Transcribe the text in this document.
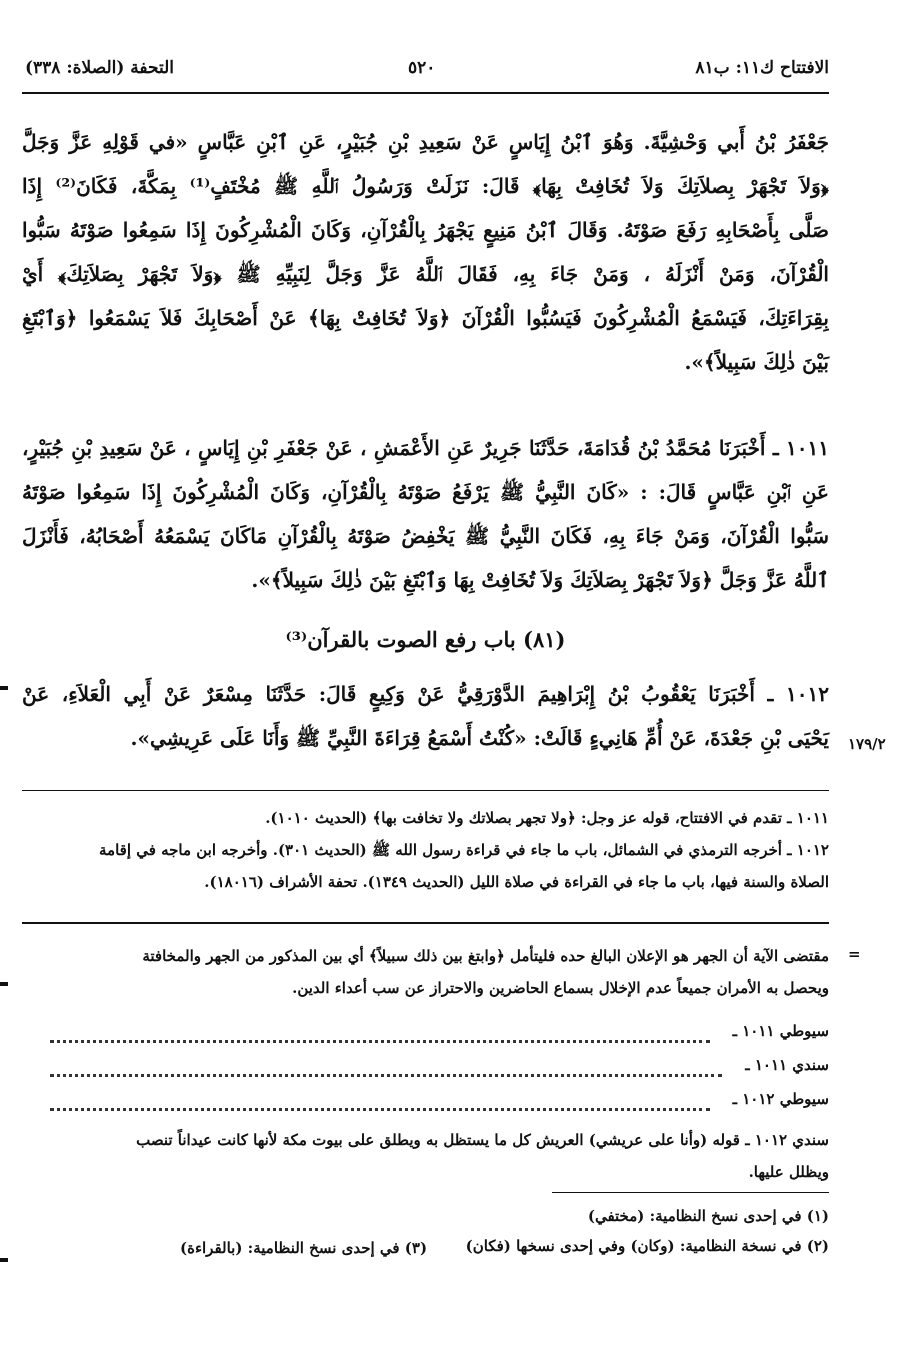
الافتتاح ك١١: ب٨١
٥٢٠
التحفة (الصلاة: ٣٣٨)
جَعْفَرُ بْنُ أَبي وَحْشِيَّةَ. وَهُوَ ٱبْنُ إِيَاسٍ عَنْ سَعِيدِ بْنِ جُبَيْرٍ، عَنِ ٱبْنِ عَبَّاسٍ «في قَوْلِهِ عَزَّ وَجَلَّ
﴿وَلاَ تَجْهَرْ بِصلاَتِكَ وَلاَ تُخَافِتْ بِهَا﴾ قَالَ: نَزَلَتْ وَرَسُولُ ٱللَّهِ ﷺ مُخْتَفٍ⁽¹⁾ بِمَكَّةَ، فَكَانَ⁽²⁾ إِذَا
صَلَّى بِأَصْحَابِهِ رَفَعَ صَوْتَهُ. وَقَالَ ٱبْنُ مَنِيعٍ يَجْهَرُ بِالْقُرْآنِ، وَكَانَ الْمُشْرِكُونَ إِذَا سَمِعُوا صَوْتَهُ سَبُّوا
الْقُرْآنَ، وَمَنْ أَنْزَلَهُ ، وَمَنْ جَاءَ بِهِ، فَقَالَ ٱللَّهُ عَزَّ وَجَلَّ لِنَبِيِّهِ ﷺ ﴿وَلاَ تَجْهَرْ بِصَلاَتِكَ﴾ أَيْ
بِقِرَاءَتِكَ، فَيَسْمَعُ الْمُشْرِكُونَ فَيَسُبُّوا الْقُرْآنَ ﴿وَلاَ تُخَافِتْ بِهَا﴾ عَنْ أَصْحَابِكَ فَلاَ يَسْمَعُوا ﴿وَٱبْتَغِ
بَيْنَ ذٰلِكَ سَبِيلاً﴾».
١٠١١ ـ أَخْبَرَنَا مُحَمَّدُ بْنُ قُدَامَةَ، حَدَّثَنَا جَرِيرٌ عَنِ الأَعْمَشِ ، عَنْ جَعْفَرِ بْنِ إِيَاسٍ ، عَنْ سَعِيدِ بْنِ جُبَيْرٍ،
عَنِ ٱبْنِ عَبَّاسٍ قَالَ: : «كَانَ النَّبِيُّ ﷺ يَرْفَعُ صَوْتَهُ بِالْقُرْآنِ، وَكَانَ الْمُشْرِكُونَ إِذَا سَمِعُوا صَوْتَهُ
سَبُّوا الْقُرْآنَ، وَمَنْ جَاءَ بِهِ، فَكَانَ النَّبِيُّ ﷺ يَخْفِضُ صَوْتَهُ بِالْقُرْآنِ مَاكَانَ يَسْمَعُهُ أَصْحَابُهُ، فَأَنْزَلَ
ٱللَّهُ عَزَّ وَجَلَّ ﴿وَلاَ تَجْهَرْ بِصَلاَتِكَ وَلاَ تُخَافِتْ بِهَا وَٱبْتَغِ بَيْنَ ذٰلِكَ سَبِيلاً﴾».
(٨١) باب رفع الصوت بالقرآن⁽³⁾
١٠١٢ ـ أَخْبَرَنَا يَعْقُوبُ بْنُ إِبْرَاهِيمَ الدَّوْرَقِيُّ عَنْ وَكِيعٍ قَالَ: حَدَّثَنَا مِسْعَرٌ عَنْ أَبِي الْعَلاَءِ، عَنْ
يَحْيَى بْنِ جَعْدَةَ، عَنْ أُمِّ هَانِيءٍ قَالَتْ: «كُنْتُ أَسْمَعُ قِرَاءَةَ النَّبِيِّ ﷺ وَأَنَا عَلَى عَرِيشِي». ١٧٩/٢
١٠١١ ـ تقدم في الافتتاح، قوله عز وجل: ﴿ولا تجهر بصلاتك ولا تخافت بها﴾ (الحديث ١٠١٠).
١٠١٢ ـ أخرجه الترمذي في الشمائل، باب ما جاء في قراءة رسول الله ﷺ (الحديث ٣٠١). وأخرجه ابن ماجه في إقامة
الصلاة والسنة فيها، باب ما جاء في القراءة في صلاة الليل (الحديث ١٣٤٩). تحفة الأشراف (١٨٠١٦).
=
مقتضى الآية أن الجهر هو الإعلان البالغ حده فليتأمل ﴿وابتغ بين ذلك سبيلاً﴾ أي بين المذكور من الجهر والمخافتة
ويحصل به الأمران جميعاً عدم الإخلال بسماع الحاضرين والاحتراز عن سب أعداء الدين.
سيوطي ١٠١١ ـ
سندي ١٠١١ ـ
سيوطي ١٠١٢ ـ
سندي ١٠١٢ ـ قوله (وأنا على عريشي) العريش كل ما يستظل به ويطلق على بيوت مكة لأنها كانت عيداناً تنصب
ويظلل عليها.
(١) في إحدى نسخ النظامية: (مختفي)
(٢) في نسخة النظامية: (وكان) وفي إحدى نسخها (فكان)
(٣) في إحدى نسخ النظامية: (بالقراءة)
